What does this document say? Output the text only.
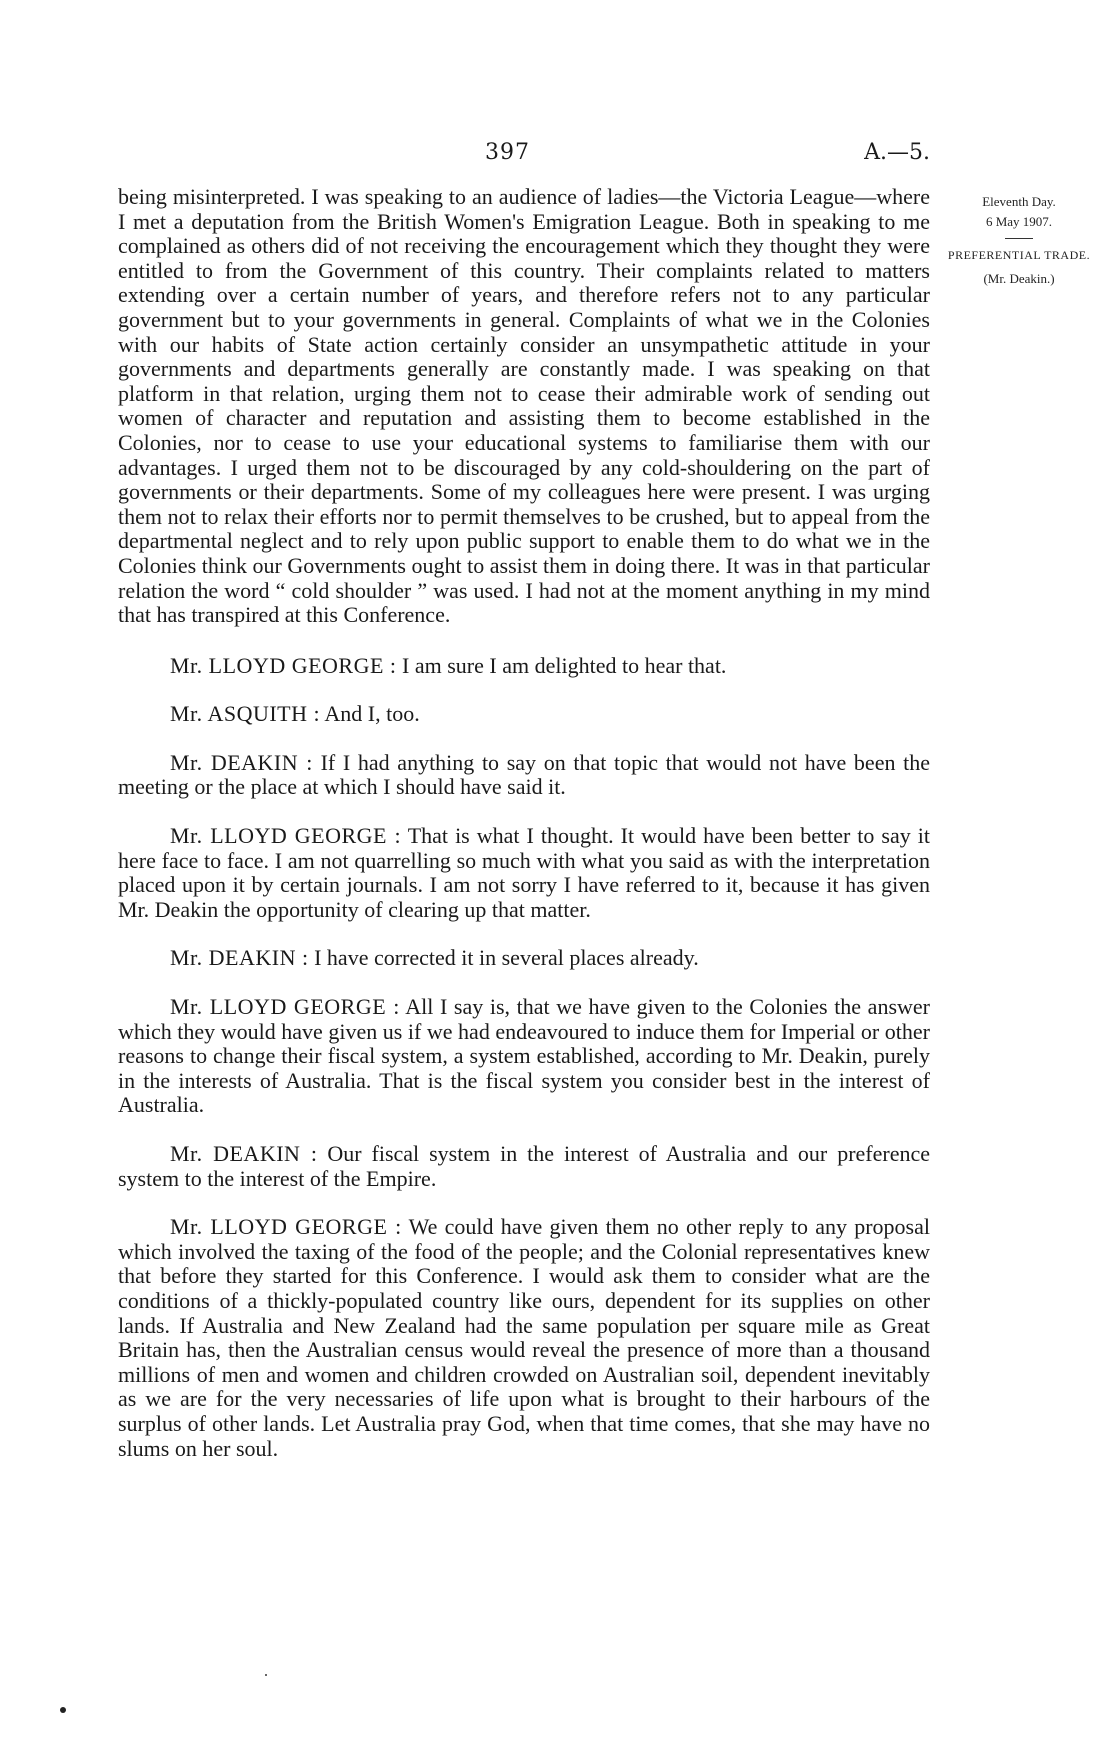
397	A.—5.
Eleventh Day.
6 May 1907.
PREFERENTIAL TRADE.
(Mr. Deakin.)

being misinterpreted. I was speaking to an audience of ladies—the Victoria League—where I met a deputation from the British Women's Emigration League. Both in speaking to me complained as others did of not receiving the encouragement which they thought they were entitled to from the Government of this country. Their complaints related to matters extending over a certain number of years, and therefore refers not to any particular government but to your governments in general. Complaints of what we in the Colonies with our habits of State action certainly consider an unsympathetic attitude in your governments and departments generally are constantly made. I was speaking on that platform in that relation, urging them not to cease their admirable work of sending out women of character and reputation and assisting them to become established in the Colonies, nor to cease to use your educational systems to familiarise them with our advantages. I urged them not to be discouraged by any cold-shouldering on the part of governments or their departments. Some of my colleagues here were present. I was urging them not to relax their efforts nor to permit themselves to be crushed, but to appeal from the departmental neglect and to rely upon public support to enable them to do what we in the Colonies think our Governments ought to assist them in doing there. It was in that particular relation the word “ cold shoulder ” was used. I had not at the moment anything in my mind that has transpired at this Conference.

Mr. LLOYD GEORGE : I am sure I am delighted to hear that.

Mr. ASQUITH : And I, too.

Mr. DEAKIN : If I had anything to say on that topic that would not have been the meeting or the place at which I should have said it.

Mr. LLOYD GEORGE : That is what I thought. It would have been better to say it here face to face. I am not quarrelling so much with what you said as with the interpretation placed upon it by certain journals. I am not sorry I have referred to it, because it has given Mr. Deakin the opportunity of clearing up that matter.

Mr. DEAKIN : I have corrected it in several places already.

Mr. LLOYD GEORGE : All I say is, that we have given to the Colonies the answer which they would have given us if we had endeavoured to induce them for Imperial or other reasons to change their fiscal system, a system established, according to Mr. Deakin, purely in the interests of Australia. That is the fiscal system you consider best in the interest of Australia.

Mr. DEAKIN : Our fiscal system in the interest of Australia and our preference system to the interest of the Empire.

Mr. LLOYD GEORGE : We could have given them no other reply to any proposal which involved the taxing of the food of the people; and the Colonial representatives knew that before they started for this Conference. I would ask them to consider what are the conditions of a thickly-populated country like ours, dependent for its supplies on other lands. If Australia and New Zealand had the same population per square mile as Great Britain has, then the Australian census would reveal the presence of more than a thousand millions of men and women and children crowded on Australian soil, dependent inevitably as we are for the very necessaries of life upon what is brought to their harbours of the surplus of other lands. Let Australia pray God, when that time comes, that she may have no slums on her soul.
